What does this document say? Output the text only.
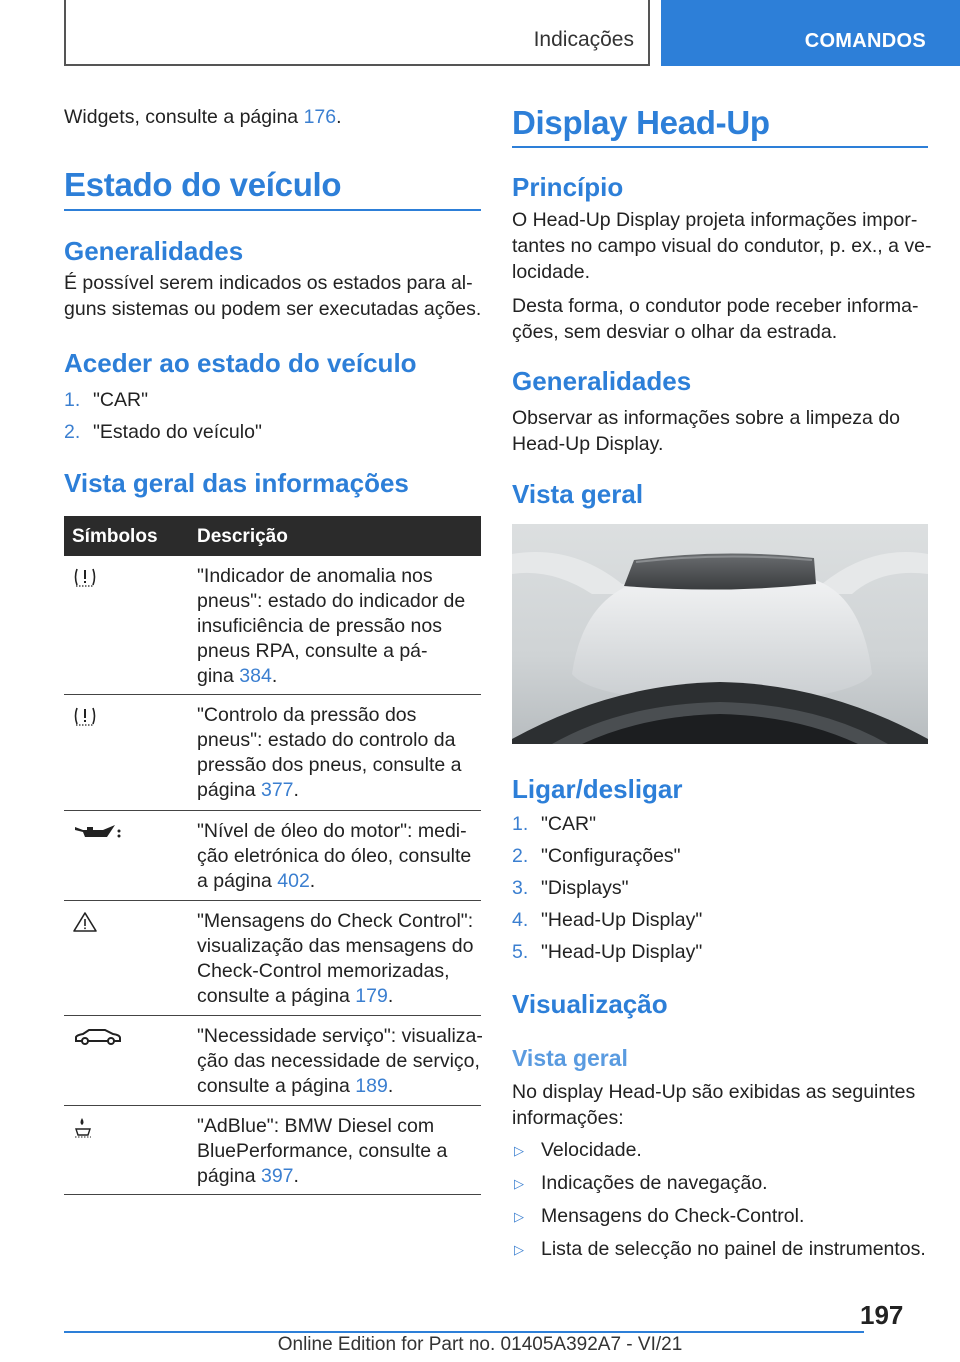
Indicações	COMANDOS
Widgets, consulte a página 176.
Estado do veículo
Generalidades
É possível serem indicados os estados para al-
guns sistemas ou podem ser executadas ações.
Aceder ao estado do veículo
1. "CAR"
2. "Estado do veículo"
Vista geral das informações
Símbolos Descrição
"Indicador de anomalia nos
pneus": estado do indicador de
insuficiência de pressão nos
pneus RPA, consulte a pá-
gina 384.
"Controlo da pressão dos
pneus": estado do controlo da
pressão dos pneus, consulte a
página 377.
"Nível de óleo do motor": medi-
ção eletrónica do óleo, consulte
a página 402.
"Mensagens do Check Control":
visualização das mensagens do
Check-Control memorizadas,
consulte a página 179.
"Necessidade serviço": visualiza-
ção das necessidade de serviço,
consulte a página 189.
"AdBlue": BMW Diesel com
BluePerformance, consulte a
página 397.
Display Head-Up
Princípio
O Head-Up Display projeta informações impor-
tantes no campo visual do condutor, p. ex., a ve-
locidade.
Desta forma, o condutor pode receber informa-
ções, sem desviar o olhar da estrada.
Generalidades
Observar as informações sobre a limpeza do
Head-Up Display.
Vista geral
Ligar/desligar
1. "CAR"
2. "Configurações"
3. "Displays"
4. "Head-Up Display"
5. "Head-Up Display"
Visualização
Vista geral
No display Head-Up são exibidas as seguintes
informações:
▷ Velocidade.
▷ Indicações de navegação.
▷ Mensagens do Check-Control.
▷ Lista de selecção no painel de instrumentos.
197
Online Edition for Part no. 01405A392A7 - VI/21
